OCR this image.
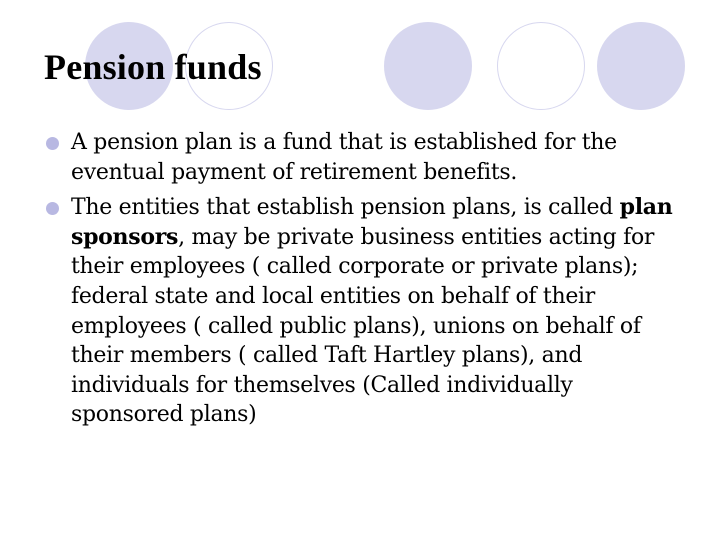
Pension funds
A pension plan is a fund that is established for the eventual payment of retirement benefits.
The entities that establish pension plans, is called plan sponsors, may be private business entities acting for their employees ( called corporate or private plans); federal state and local entities on behalf of their employees ( called public plans), unions on behalf of their members ( called Taft Hartley plans), and individuals for themselves (Called individually sponsored plans)
